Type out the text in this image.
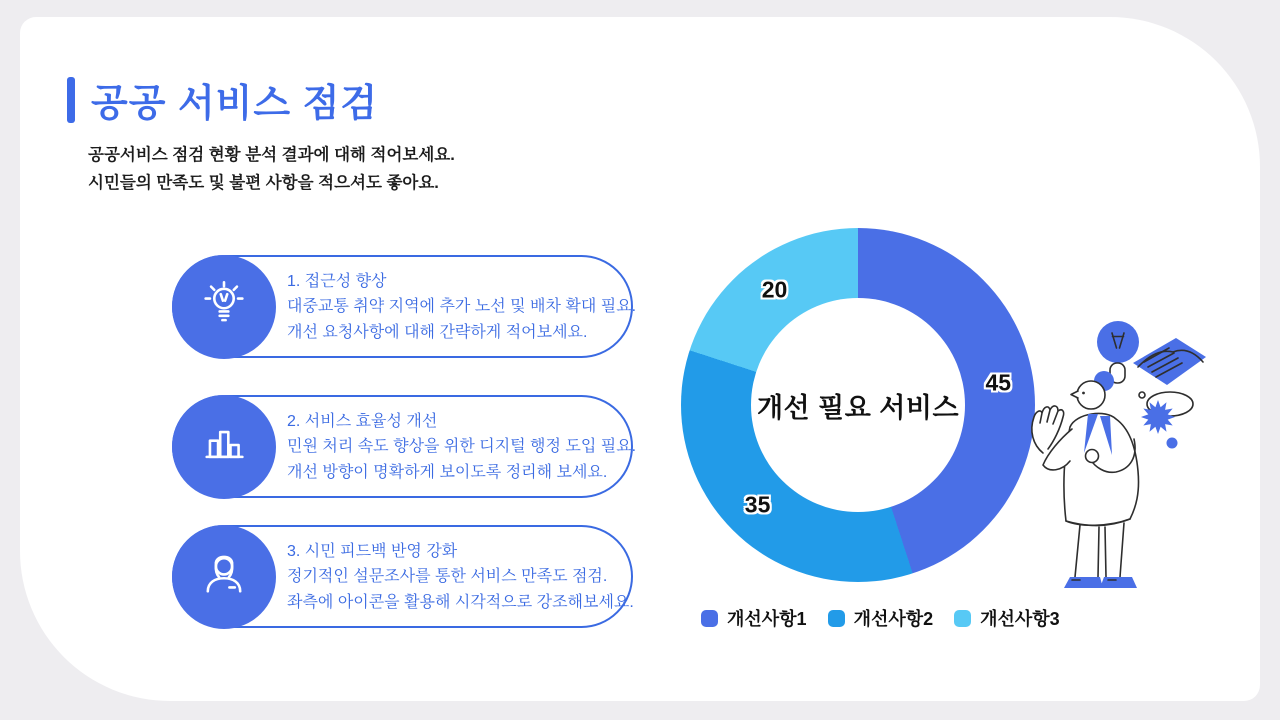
공공 서비스 점검
공공서비스 점검 현황 분석 결과에 대해 적어보세요.
시민들의 만족도 및 불편 사항을 적으셔도 좋아요.
1. 접근성 향상
대중교통 취약 지역에 추가 노선 및 배차 확대 필요.
개선 요청사항에 대해 간략하게 적어보세요.
2. 서비스 효율성 개선
민원 처리 속도 향상을 위한 디지털 행정 도입 필요.
개선 방향이 명확하게 보이도록 정리해 보세요.
3. 시민 피드백 반영 강화
정기적인 설문조사를 통한 서비스 만족도 점검.
좌측에 아이콘을 활용해 시각적으로 강조해보세요.
45
35
20
개선 필요 서비스
개선사항1	개선사항2	개선사항3
